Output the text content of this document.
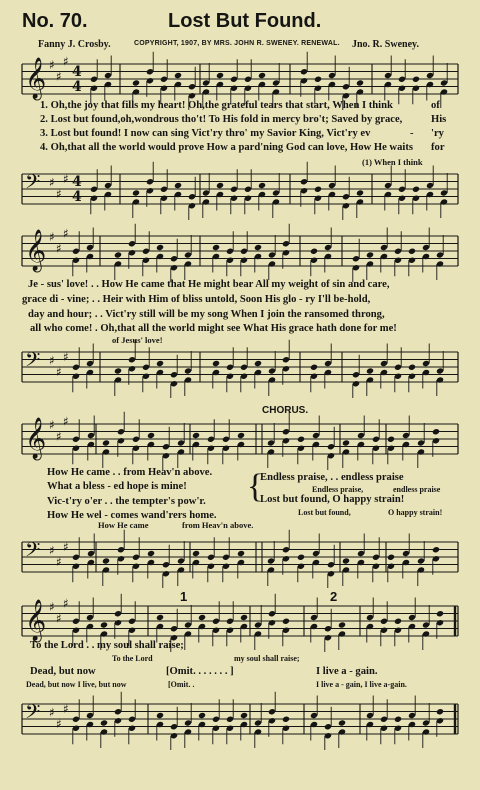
No. 70.	Lost But Found.
Fanny J. Crosby.	COPYRIGHT, 1907, BY MRS. JOHN R. SWENEY. RENEWAL. Jno. R. Sweney.
𝄞 ♯
♯
♯
4
4
𝄢 ♯
♯
♯ 4
4
𝄞 ♯
♯
♯
𝄢 ♯
♯
♯
𝄞 ♯
♯
♯
𝄢 ♯
♯
♯
𝄞 ♯
♯
♯
𝄢 ♯
♯
♯
1. Oh,the joy that fills my heart! Oh,the grateful tears that start, When I think	of
2. Lost but found,oh,wondrous tho't! To His fold in mercy bro't; Saved by grace,	His
3. Lost but found! I now can sing Vict'ry thro' my Savior King, Vict'ry ev	- 'ry
4. Oh,that all the world would prove How a pard'ning God can love, How He waits for
(1) When I think
Je - sus' love! . . How He came that He might bear All my weight of sin and care,
grace di - vine; . . Heir with Him of bliss untold, Soon His glo - ry I'll be-hold,
day and hour; . . Vict'ry still will be my song When I join the ransomed throng,
all who come! . Oh,that all the world might see What His grace hath done for me!
of Jesus' love!
CHORUS.
How He came . . from Heav'n above.
What a bless - ed hope is mine!
Vic-t'ry o'er . . the tempter's pow'r.
How He wel - comes wand'rers home.
{
Endless praise, . . endless praise
Endless praise,	endless praise
Lost but found, O happy strain!
Lost but found,	O happy strain!
How He came	from Heav'n above.
1	2
To the Lord . . my soul shall raise;
To the Lord	my soul shall raise;
Dead, but now	[Omit. . . . . . . ]	I live a - gain.
Dead, but now I live, but now	[Omit. .	I live a - gain, I live a-gain.
